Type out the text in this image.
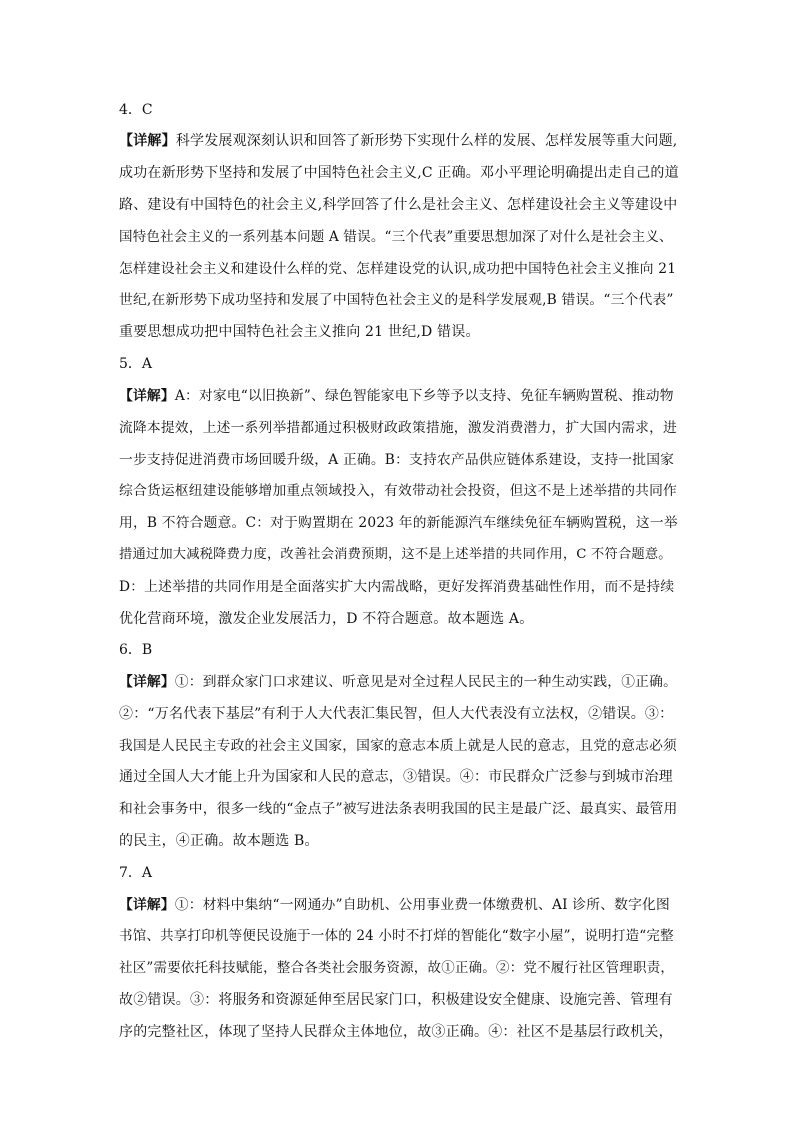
4．C
【详解】科学发展观深刻认识和回答了新形势下实现什么样的发展、怎样发展等重大问题,
成功在新形势下坚持和发展了中国特色社会主义,C 正确。邓小平理论明确提出走自己的道
路、建设有中国特色的社会主义,科学回答了什么是社会主义、怎样建设社会主义等建设中
国特色社会主义的一系列基本问题 A 错误。“三个代表”重要思想加深了对什么是社会主义、
怎样建设社会主义和建设什么样的党、怎样建设党的认识,成功把中国特色社会主义推向 21
世纪,在新形势下成功坚持和发展了中国特色社会主义的是科学发展观,B 错误。“三个代表”
重要思想成功把中国特色社会主义推向 21 世纪,D 错误。
5．A
【详解】A：对家电“以旧换新”、绿色智能家电下乡等予以支持、免征车辆购置税、推动物
流降本提效，上述一系列举措都通过积极财政政策措施，激发消费潜力，扩大国内需求，进
一步支持促进消费市场回暖升级，A 正确。B：支持农产品供应链体系建设，支持一批国家
综合货运枢纽建设能够增加重点领域投入，有效带动社会投资，但这不是上述举措的共同作
用，B 不符合题意。C：对于购置期在 2023 年的新能源汽车继续免征车辆购置税，这一举
措通过加大减税降费力度，改善社会消费预期，这不是上述举措的共同作用，C 不符合题意。
D：上述举措的共同作用是全面落实扩大内需战略，更好发挥消费基础性作用，而不是持续
优化营商环境，激发企业发展活力，D 不符合题意。故本题选 A。
6．B
【详解】①：到群众家门口求建议、听意见是对全过程人民民主的一种生动实践，①正确。
②：“万名代表下基层”有利于人大代表汇集民智，但人大代表没有立法权，②错误。③：
我国是人民民主专政的社会主义国家，国家的意志本质上就是人民的意志，且党的意志必须
通过全国人大才能上升为国家和人民的意志，③错误。④：市民群众广泛参与到城市治理
和社会事务中，很多一线的“金点子”被写进法条表明我国的民主是最广泛、最真实、最管用
的民主，④正确。故本题选 B。
7．A
【详解】①：材料中集纳“一网通办”自助机、公用事业费一体缴费机、AI 诊所、数字化图
书馆、共享打印机等便民设施于一体的 24 小时不打烊的智能化“数字小屋”，说明打造“完整
社区”需要依托科技赋能，整合各类社会服务资源，故①正确。②：党不履行社区管理职责，
故②错误。③：将服务和资源延伸至居民家门口，积极建设安全健康、设施完善、管理有
序的完整社区，体现了坚持人民群众主体地位，故③正确。④：社区不是基层行政机关，
